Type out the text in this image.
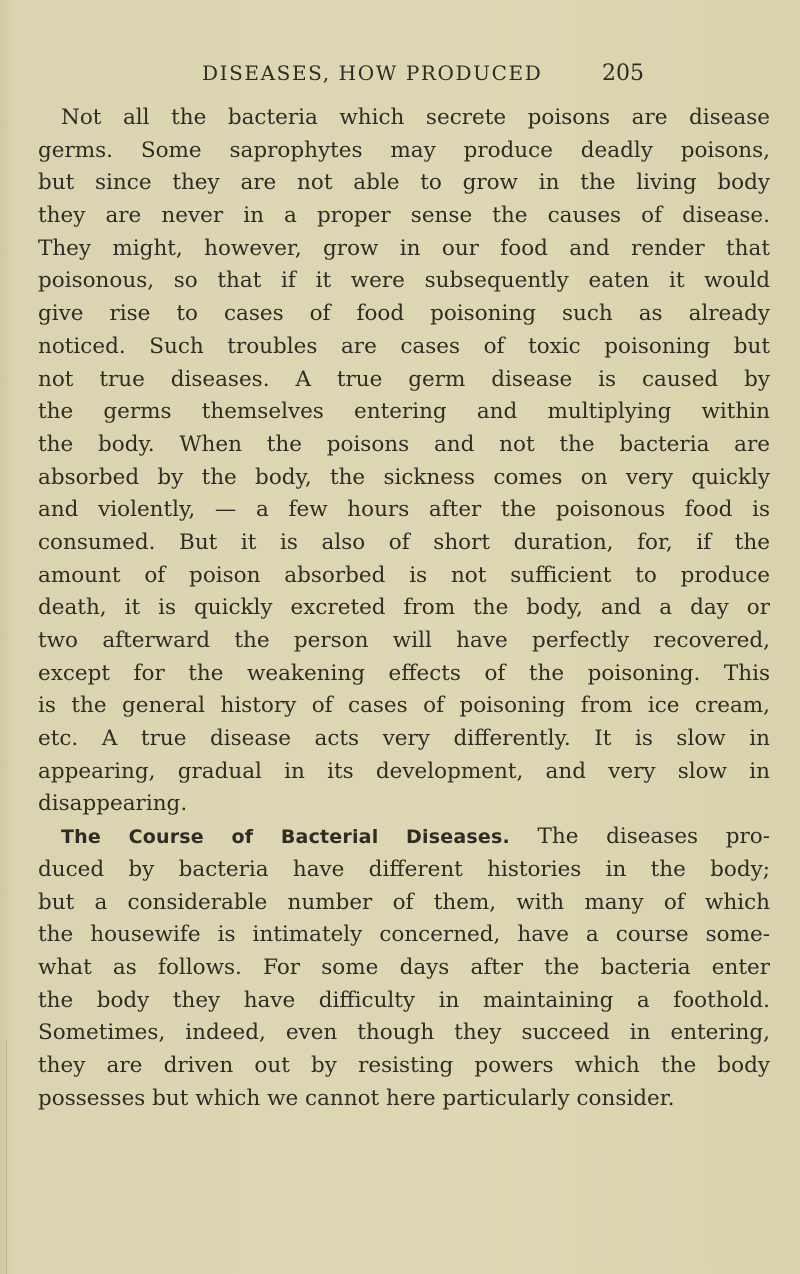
DISEASES, HOW PRODUCED	205
Not all the bacteria which secrete poisons are disease
germs. Some saprophytes may produce deadly poisons,
but since they are not able to grow in the living body
they are never in a proper sense the causes of disease.
They might, however, grow in our food and render that
poisonous, so that if it were subsequently eaten it would
give rise to cases of food poisoning such as already
noticed. Such troubles are cases of toxic poisoning but
not true diseases. A true germ disease is caused by
the germs themselves entering and multiplying within
the body. When the poisons and not the bacteria are
absorbed by the body, the sickness comes on very quickly
and violently, — a few hours after the poisonous food is
consumed. But it is also of short duration, for, if the
amount of poison absorbed is not sufficient to produce
death, it is quickly excreted from the body, and a day or
two afterward the person will have perfectly recovered,
except for the weakening effects of the poisoning. This
is the general history of cases of poisoning from ice cream,
etc. A true disease acts very differently. It is slow in
appearing, gradual in its development, and very slow in
disappearing.
The Course of Bacterial Diseases. The diseases pro-
duced by bacteria have different histories in the body;
but a considerable number of them, with many of which
the housewife is intimately concerned, have a course some-
what as follows. For some days after the bacteria enter
the body they have difficulty in maintaining a foothold.
Sometimes, indeed, even though they succeed in entering,
they are driven out by resisting powers which the body
possesses but which we cannot here particularly consider.
